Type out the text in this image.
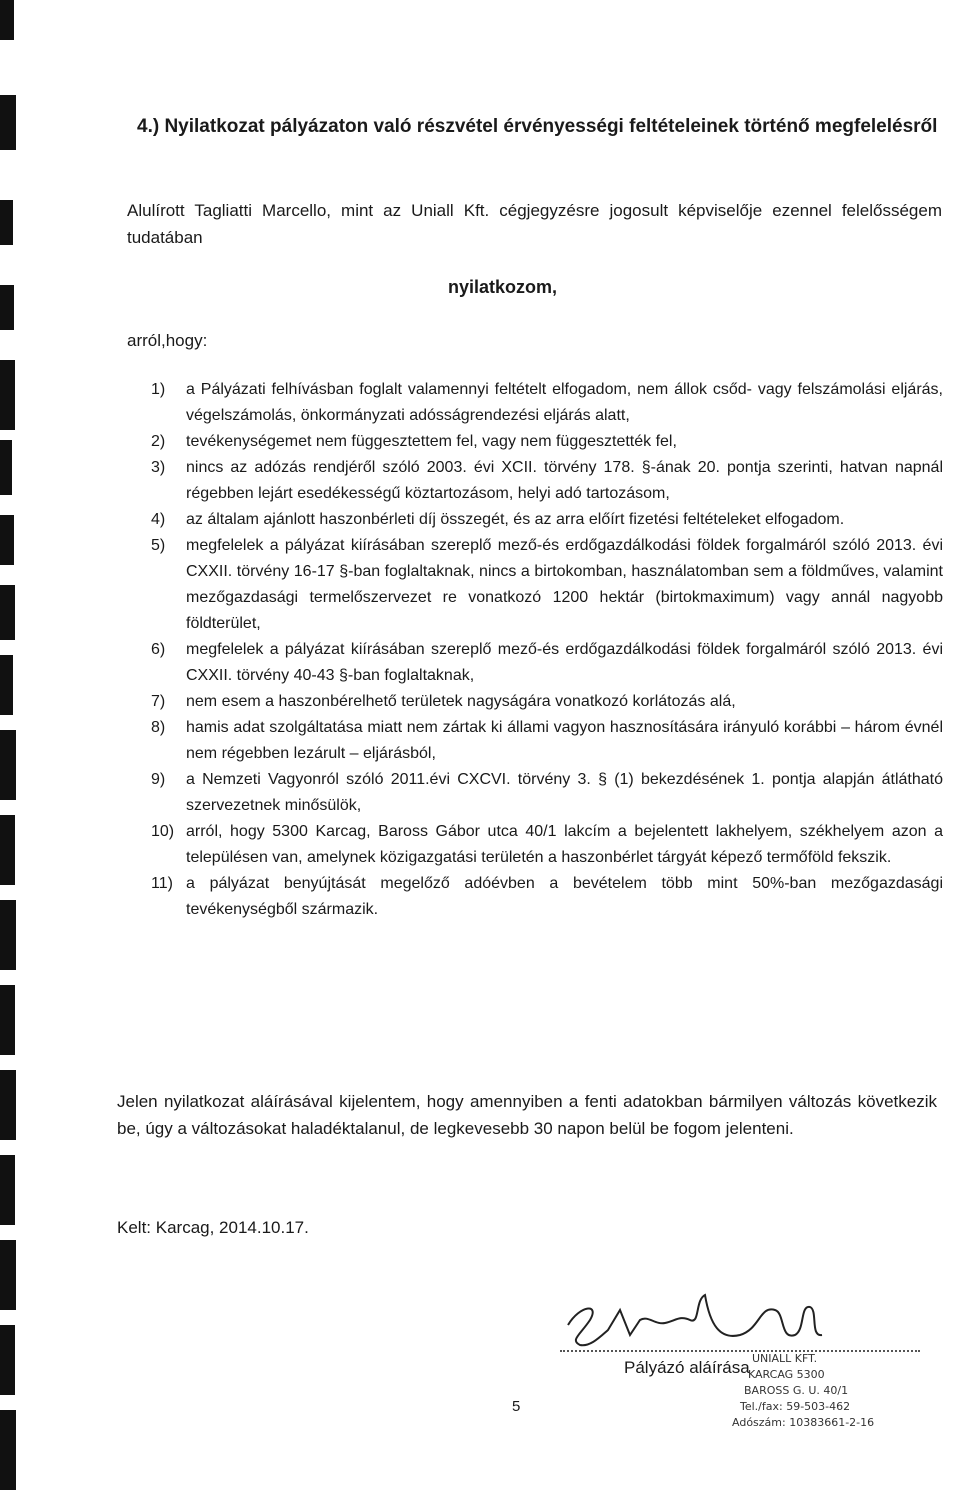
4.) Nyilatkozat pályázaton való részvétel érvényességi feltételeinek történő megfelelésről
Alulírott Tagliatti Marcello, mint az Uniall Kft. cégjegyzésre jogosult képviselője ezennel felelősségem tudatában
nyilatkozom,
arról,hogy:
1)	a Pályázati felhívásban foglalt valamennyi feltételt elfogadom, nem állok csőd- vagy felszámolási eljárás, végelszámolás, önkormányzati adósságrendezési eljárás alatt,
2)	tevékenységemet nem függesztettem fel, vagy nem függesztették fel,
3)	nincs az adózás rendjéről szóló 2003. évi XCII. törvény 178. §-ának 20. pontja szerinti, hatvan napnál régebben lejárt esedékességű köztartozásom, helyi adó tartozásom,
4)	az általam ajánlott haszonbérleti díj összegét, és az arra előírt fizetési feltételeket elfogadom.
5)	megfelelek a pályázat kiírásában szereplő mező-és erdőgazdálkodási földek forgalmáról szóló 2013. évi CXXII. törvény 16-17 §-ban foglaltaknak, nincs a birtokomban, használatomban sem a földműves, valamint mezőgazdasági termelőszervezet re vonatkozó 1200 hektár (birtokmaximum) vagy annál nagyobb földterület,
6)	megfelelek a pályázat kiírásában szereplő mező-és erdőgazdálkodási földek forgalmáról szóló 2013. évi CXXII. törvény 40-43 §-ban foglaltaknak,
7)	nem esem a haszonbérelhető területek nagyságára vonatkozó korlátozás alá,
8)	hamis adat szolgáltatása miatt nem zártak ki állami vagyon hasznosítására irányuló korábbi – három évnél nem régebben lezárult – eljárásból,
9)	a Nemzeti Vagyonról szóló 2011.évi CXCVI. törvény 3. § (1) bekezdésének 1. pontja alapján átlátható szervezetnek minősülök,
10) arról, hogy 5300 Karcag, Baross Gábor utca 40/1 lakcím a bejelentett lakhelyem, székhelyem azon a településen van, amelynek közigazgatási területén a haszonbérlet tárgyát képező termőföld fekszik.
11) a pályázat benyújtását megelőző adóévben a bevételem több mint 50%-ban mezőgazdasági tevékenységből származik.
Jelen nyilatkozat aláírásával kijelentem, hogy amennyiben a fenti adatokban bármilyen változás következik be, úgy a változásokat haladéktalanul, de legkevesebb 30 napon belül be fogom jelenteni.
Kelt: Karcag, 2014.10.17.
Pályázó aláírása UNIALL KFT.
KARCAG 5300
BAROSS G. U. 40/1
Tel./fax: 59-503-462
Adószám: 10383661-2-16
5
